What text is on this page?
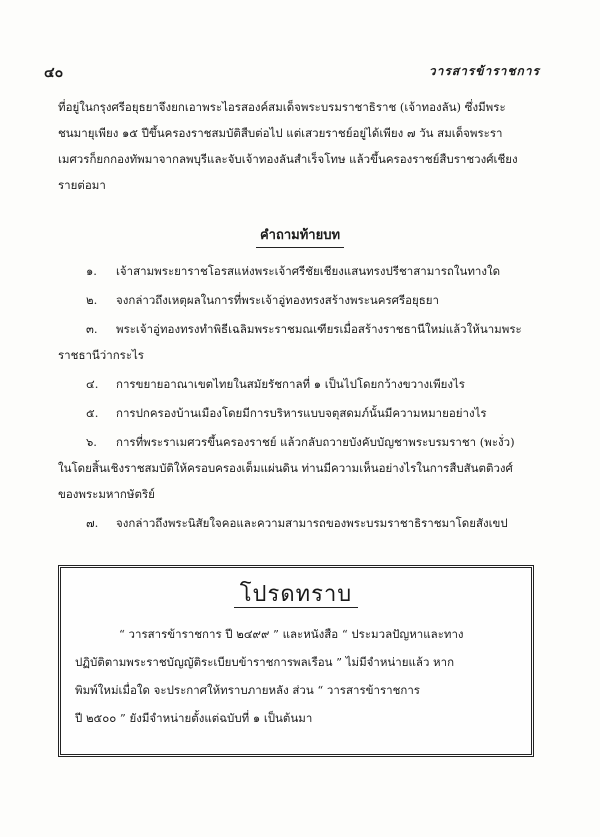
๔๐	วารสารข้าราชการ
ที่อยู่ในกรุงศรีอยุธยาจึงยกเอาพระไอรสองค์สมเด็จพระบรมราชาธิราช (เจ้าทองลัน) ซึ่งมีพระ
ชนมายุเพียง ๑๕ ปีขึ้นครองราชสมบัติสืบต่อไป แต่เสวยราชย์อยู่ได้เพียง ๗ วัน สมเด็จพระรา
เมศวรก็ยกกองทัพมาจากลพบุรีและจับเจ้าทองลันสำเร็จโทษ แล้วขึ้นครองราชย์สืบราชวงศ์เชียง
รายต่อมา
คำถามท้ายบท
๑. เจ้าสามพระยาราชโอรสแห่งพระเจ้าศรีชัยเชียงแสนทรงปรีชาสามารถในทางใด
๒. จงกล่าวถึงเหตุผลในการที่พระเจ้าอู่ทองทรงสร้างพระนครศรีอยุธยา
๓. พระเจ้าอู่ทองทรงทำพิธีเฉลิมพระราชมณเฑียรเมื่อสร้างราชธานีใหม่แล้วให้นามพระ
ราชธานีว่ากระไร
๔. การขยายอาณาเขตไทยในสมัยรัชกาลที่ ๑ เป็นไปโดยกว้างขวางเพียงไร
๕. การปกครองบ้านเมืองโดยมีการบริหารแบบจตุสดมภ์นั้นมีความหมายอย่างไร
๖. การที่พระราเมศวรขึ้นครองราชย์ แล้วกลับถวายบังคับบัญชาพระบรมราชา (พะงั่ว)
ในโดยสิ้นเชิงราชสมบัติให้ครอบครองเต็มแผ่นดิน ท่านมีความเห็นอย่างไรในการสืบสันตติวงศ์
ของพระมหากษัตริย์
๗. จงกล่าวถึงพระนิสัยใจคอและความสามารถของพระบรมราชาธิราชมาโดยสังเขป
โปรดทราบ
“ วารสารข้าราชการ ปี ๒๔๙๙ ” และหนังสือ “ ประมวลปัญหาและทาง
ปฏิบัติตามพระราชบัญญัติระเบียบข้าราชการพลเรือน ” ไม่มีจำหน่ายแล้ว หาก
พิมพ์ใหม่เมื่อใด จะประกาศให้ทราบภายหลัง ส่วน “ วารสารข้าราชการ
ปี ๒๕๐๐ ” ยังมีจำหน่ายตั้งแต่ฉบับที่ ๑ เป็นต้นมา
